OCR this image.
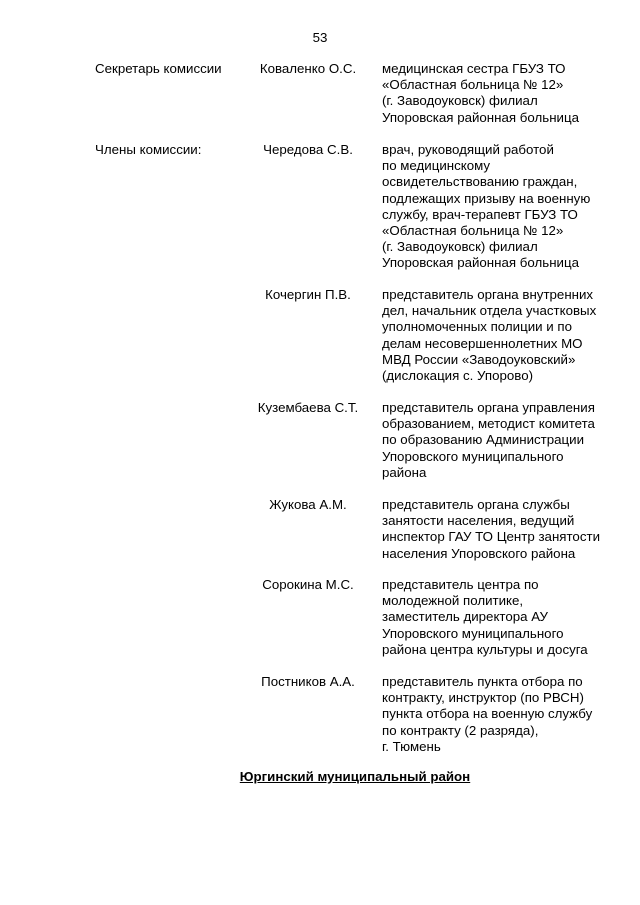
53
Секретарь комиссии	Коваленко О.С.	медицинская сестра ГБУЗ ТО
«Областная больница № 12»
(г. Заводоуковск) филиал
Упоровская районная больница
Члены комиссии:	Чередова С.В.	врач, руководящий работой
по медицинскому
освидетельствованию граждан,
подлежащих призыву на военную
службу, врач-терапевт ГБУЗ ТО
«Областная больница № 12»
(г. Заводоуковск) филиал
Упоровская районная больница
Кочергин П.В.	представитель органа внутренних
дел, начальник отдела участковых
уполномоченных полиции и по
делам несовершеннолетних МО
МВД России «Заводоуковский»
(дислокация с. Упорово)
Кузембаева С.Т.	представитель органа управления
образованием, методист комитета
по образованию Администрации
Упоровского муниципального
района
Жукова А.М.	представитель органа службы
занятости населения, ведущий
инспектор ГАУ ТО Центр занятости
населения Упоровского района
Сорокина М.С.	представитель центра по
молодежной политике,
заместитель директора АУ
Упоровского муниципального
района центра культуры и досуга
Постников А.А.	представитель пункта отбора по
контракту, инструктор (по РВСН)
пункта отбора на военную службу
по контракту (2 разряда),
г. Тюмень
Юргинский муниципальный район
